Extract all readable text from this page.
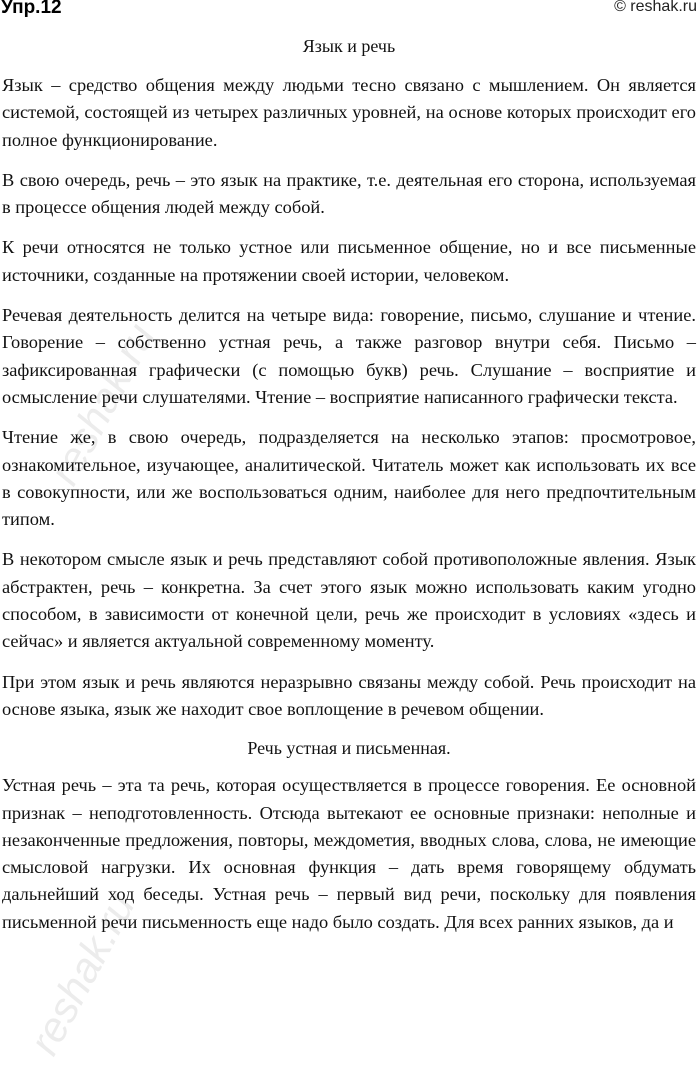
Упр.12	© reshak.ru
reshak.ru
reshak.ru
Язык и речь

Язык – средство общения между людьми тесно связано с мышлением. Он является системой, состоящей из четырех различных уровней, на основе которых происходит его полное функционирование.

В свою очередь, речь – это язык на практике, т.е. деятельная его сторона, используемая в процессе общения людей между собой.

К речи относятся не только устное или письменное общение, но и все письменные источники, созданные на протяжении своей истории, человеком.

Речевая деятельность делится на четыре вида: говорение, письмо, слушание и чтение. Говорение – собственно устная речь, а также разговор внутри себя. Письмо – зафиксированная графически (с помощью букв) речь. Слушание – восприятие и осмысление речи слушателями. Чтение – восприятие написанного графически текста.

Чтение же, в свою очередь, подразделяется на несколько этапов: просмотровое, ознакомительное, изучающее, аналитической. Читатель может как использовать их все в совокупности, или же воспользоваться одним, наиболее для него предпочтительным типом.

В некотором смысле язык и речь представляют собой противоположные явления. Язык абстрактен, речь – конкретна. За счет этого язык можно использовать каким угодно способом, в зависимости от конечной цели, речь же происходит в условиях «здесь и сейчас» и является актуальной современному моменту.

При этом язык и речь являются неразрывно связаны между собой. Речь происходит на основе языка, язык же находит свое воплощение в речевом общении.

Речь устная и письменная.

Устная речь – эта та речь, которая осуществляется в процессе говорения. Ее основной признак – неподготовленность. Отсюда вытекают ее основные признаки: неполные и незаконченные предложения, повторы, междометия, вводных слова, слова, не имеющие смысловой нагрузки. Их основная функция – дать время говорящему обдумать дальнейший ход беседы. Устная речь – первый вид речи, поскольку для появления письменной речи письменность еще надо было создать. Для всех ранних языков, да и
